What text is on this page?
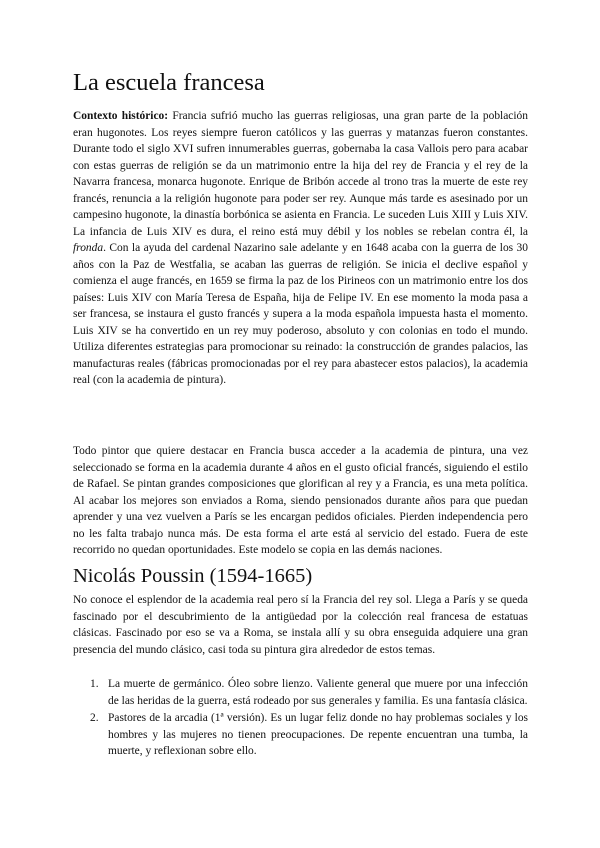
La escuela francesa

Contexto histórico: Francia sufrió mucho las guerras religiosas, una gran parte de la población eran hugonotes. Los reyes siempre fueron católicos y las guerras y matanzas fueron constantes. Durante todo el siglo XVI sufren innumerables guerras, gobernaba la casa Vallois pero para acabar con estas guerras de religión se da un matrimonio entre la hija del rey de Francia y el rey de la Navarra francesa, monarca hugonote. Enrique de Bribón accede al trono tras la muerte de este rey francés, renuncia a la religión hugonote para poder ser rey. Aunque más tarde es asesinado por un campesino hugonote, la dinastía borbónica se asienta en Francia. Le suceden Luis XIII y Luis XIV. La infancia de Luis XIV es dura, el reino está muy débil y los nobles se rebelan contra él, la fronda. Con la ayuda del cardenal Nazarino sale adelante y en 1648 acaba con la guerra de los 30 años con la Paz de Westfalia, se acaban las guerras de religión. Se inicia el declive español y comienza el auge francés, en 1659 se firma la paz de los Pirineos con un matrimonio entre los dos países: Luis XIV con María Teresa de España, hija de Felipe IV. En ese momento la moda pasa a ser francesa, se instaura el gusto francés y supera a la moda española impuesta hasta el momento. Luis XIV se ha convertido en un rey muy poderoso, absoluto y con colonias en todo el mundo. Utiliza diferentes estrategias para promocionar su reinado: la construcción de grandes palacios, las manufacturas reales (fábricas promocionadas por el rey para abastecer estos palacios), la academia real (con la academia de pintura).

Todo pintor que quiere destacar en Francia busca acceder a la academia de pintura, una vez seleccionado se forma en la academia durante 4 años en el gusto oficial francés, siguiendo el estilo de Rafael. Se pintan grandes composiciones que glorifican al rey y a Francia, es una meta política. Al acabar los mejores son enviados a Roma, siendo pensionados durante años para que puedan aprender y una vez vuelven a París se les encargan pedidos oficiales. Pierden independencia pero no les falta trabajo nunca más. De esta forma el arte está al servicio del estado. Fuera de este recorrido no quedan oportunidades. Este modelo se copia en las demás naciones.

Nicolás Poussin (1594-1665)

No conoce el esplendor de la academia real pero sí la Francia del rey sol. Llega a París y se queda fascinado por el descubrimiento de la antigüedad por la colección real francesa de estatuas clásicas. Fascinado por eso se va a Roma, se instala allí y su obra enseguida adquiere una gran presencia del mundo clásico, casi toda su pintura gira alrededor de estos temas.

1. La muerte de germánico. Óleo sobre lienzo. Valiente general que muere por una infección de las heridas de la guerra, está rodeado por sus generales y familia. Es una fantasía clásica.
2. Pastores de la arcadia (1ª versión). Es un lugar feliz donde no hay problemas sociales y los hombres y las mujeres no tienen preocupaciones. De repente encuentran una tumba, la muerte, y reflexionan sobre ello.
